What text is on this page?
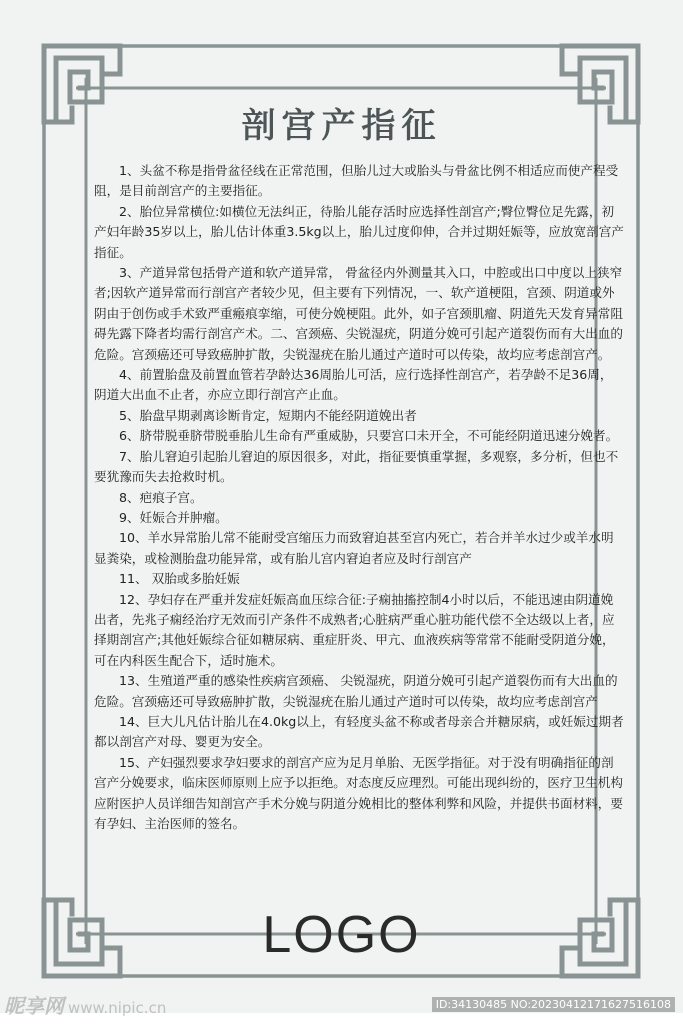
剖宫产指征

1、头盆不称是指骨盆径线在正常范围，但胎儿过大或胎头与骨盆比例不相适应而使产程受阻，是目前剖宫产的主要指征。

2、胎位异常横位:如横位无法纠正，待胎儿能存活时应选择性剖宫产;臀位臀位足先露，初产妇年龄35岁以上，胎儿估计体重3.5kg以上，胎儿过度仰伸，合并过期妊娠等，应放宽剖宫产指征。

3、产道异常包括骨产道和软产道异常， 骨盆径内外测量其入口，中腔或出口中度以上狭窄者;因软产道异常而行剖宫产者较少见，但主要有下列情况，一、软产道梗阻，宫颈、阴道或外阴由于创伤或手术致严重瘢痕挛缩，可使分娩梗阻。此外，如子宫颈肌瘤、阴道先天发育异常阻碍先露下降者均需行剖宫产术。二、宫颈癌、尖锐湿疣，阴道分娩可引起产道裂伤而有大出血的危险。宫颈癌还可导致癌肿扩散，尖锐湿疣在胎儿通过产道时可以传染，故均应考虑剖宫产。

4、前置胎盘及前置血管若孕龄达36周胎儿可活，应行选择性剖宫产，若孕龄不足36周，阴道大出血不止者，亦应立即行剖宫产止血。

5、胎盘早期剥离诊断肯定，短期内不能经阴道娩出者

6、脐带脱垂脐带脱垂胎儿生命有严重威胁，只要宫口未开全，不可能经阴道迅速分娩者。

7、胎儿窘迫引起胎儿窘迫的原因很多，对此，指征要慎重掌握，多观察，多分析，但也不要犹豫而失去抢救时机。

8、疤痕子宫。

9、妊娠合并肿瘤。

10、羊水异常胎儿常不能耐受宫缩压力而致窘迫甚至宫内死亡，若合并羊水过少或羊水明显粪染，或检测胎盘功能异常，或有胎儿宫内窘迫者应及时行剖宫产

11、 双胎或多胎妊娠

12、孕妇存在严重并发症妊娠高血压综合征:子痫抽搐控制4小时以后，不能迅速由阴道娩出者，先兆子痫经治疗无效而引产条件不成熟者;心脏病严重心脏功能代偿不全达级以上者，应择期剖宫产;其他妊娠综合征如糖尿病、重症肝炎、甲亢、血液疾病等常常不能耐受阴道分娩，可在内科医生配合下，适时施术。

13、生殖道严重的感染性疾病宫颈癌、 尖锐湿疣，阴道分娩可引起产道裂伤而有大出血的危险。宫颈癌还可导致癌肿扩散，尖锐湿疣在胎儿通过产道时可以传染，故均应考虑剖宫产

14、巨大儿凡估计胎儿在4.0kg以上，有轻度头盆不称或者母亲合并糖尿病，或妊娠过期者都以剖宫产对母、婴更为安全。

15、产妇强烈要求孕妇要求的剖宫产应为足月单胎、无医学指征。对于没有明确指征的剖宫产分娩要求，临床医师原则上应予以拒绝。对态度反应理烈。可能出现纠纷的，医疗卫生机构应附医护人员详细告知剖宫产手术分娩与阴道分娩相比的整体利弊和风险，并提供书面材料，要有孕妇、主治医师的签名。

LOGO
昵享网 www.nipic.cn	ID:34130485 NO:20230412171627516108
